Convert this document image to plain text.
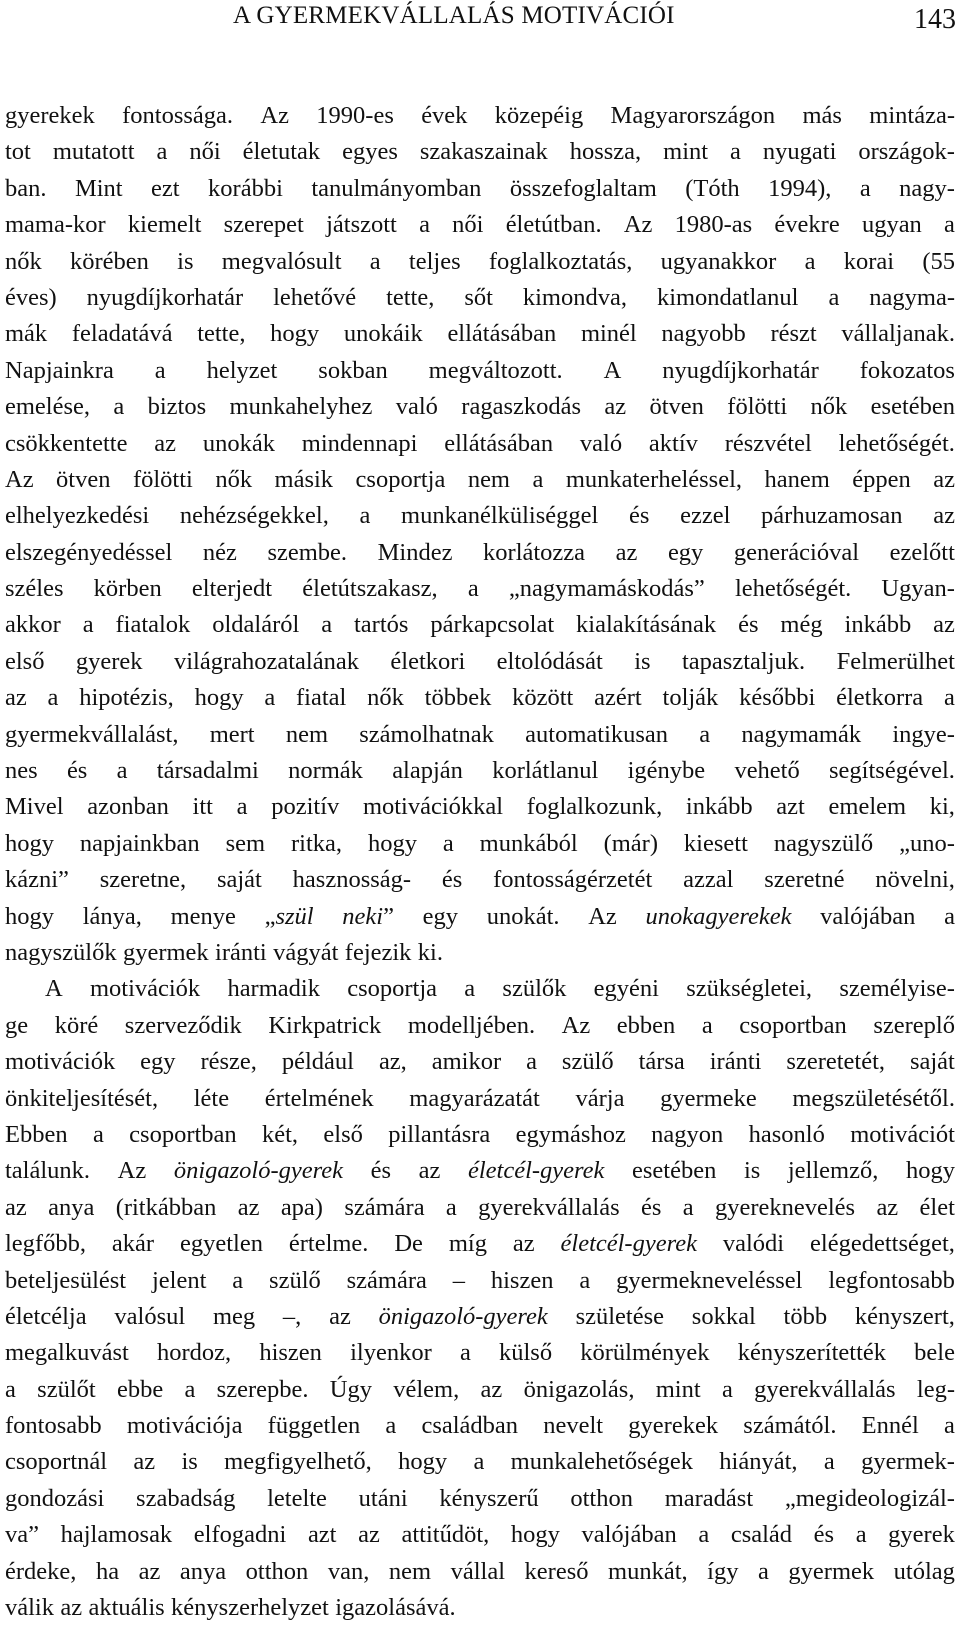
A GYERMEKVÁLLALÁS MOTIVÁCIÓI	143
gyerekek fontossága. Az 1990-es évek közepéig Magyarországon más mintáza-
tot mutatott a női életutak egyes szakaszainak hossza, mint a nyugati országok-
ban. Mint ezt korábbi tanulmányomban összefoglaltam (Tóth 1994), a nagy-
mama-kor kiemelt szerepet játszott a női életútban. Az 1980-as évekre ugyan a
nők körében is megvalósult a teljes foglalkoztatás, ugyanakkor a korai (55
éves) nyugdíjkorhatár lehetővé tette, sőt kimondva, kimondatlanul a nagyma-
mák feladatává tette, hogy unokáik ellátásában minél nagyobb részt vállaljanak.
Napjainkra a helyzet sokban megváltozott. A nyugdíjkorhatár fokozatos
emelése, a biztos munkahelyhez való ragaszkodás az ötven fölötti nők esetében
csökkentette az unokák mindennapi ellátásában való aktív részvétel lehetőségét.
Az ötven fölötti nők másik csoportja nem a munkaterheléssel, hanem éppen az
elhelyezkedési nehézségekkel, a munkanélküliséggel és ezzel párhuzamosan az
elszegényedéssel néz szembe. Mindez korlátozza az egy generációval ezelőtt
széles körben elterjedt életútszakasz, a „nagymamáskodás” lehetőségét. Ugyan-
akkor a fiatalok oldaláról a tartós párkapcsolat kialakításának és még inkább az
első gyerek világrahozatalának életkori eltolódását is tapasztaljuk. Felmerülhet
az a hipotézis, hogy a fiatal nők többek között azért tolják későbbi életkorra a
gyermekvállalást, mert nem számolhatnak automatikusan a nagymamák ingye-
nes és a társadalmi normák alapján korlátlanul igénybe vehető segítségével.
Mivel azonban itt a pozitív motivációkkal foglalkozunk, inkább azt emelem ki,
hogy napjainkban sem ritka, hogy a munkából (már) kiesett nagyszülő „uno-
kázni” szeretne, saját hasznosság- és fontosságérzetét azzal szeretné növelni,
hogy lánya, menye „szül neki” egy unokát. Az unokagyerekek valójában a
nagyszülők gyermek iránti vágyát fejezik ki.
A motivációk harmadik csoportja a szülők egyéni szükségletei, személyise-
ge köré szerveződik Kirkpatrick modelljében. Az ebben a csoportban szereplő
motivációk egy része, például az, amikor a szülő társa iránti szeretetét, saját
önkiteljesítését, léte értelmének magyarázatát várja gyermeke megszületésétől.
Ebben a csoportban két, első pillantásra egymáshoz nagyon hasonló motivációt
találunk. Az önigazoló-gyerek és az életcél-gyerek esetében is jellemző, hogy
az anya (ritkábban az apa) számára a gyerekvállalás és a gyereknevelés az élet
legfőbb, akár egyetlen értelme. De míg az életcél-gyerek valódi elégedettséget,
beteljesülést jelent a szülő számára – hiszen a gyermekneveléssel legfontosabb
életcélja valósul meg –, az önigazoló-gyerek születése sokkal több kényszert,
megalkuvást hordoz, hiszen ilyenkor a külső körülmények kényszerítették bele
a szülőt ebbe a szerepbe. Úgy vélem, az önigazolás, mint a gyerekvállalás leg-
fontosabb motivációja független a családban nevelt gyerekek számától. Ennél a
csoportnál az is megfigyelhető, hogy a munkalehetőségek hiányát, a gyermek-
gondozási szabadság letelte utáni kényszerű otthon maradást „megideologizál-
va” hajlamosak elfogadni azt az attitűdöt, hogy valójában a család és a gyerek
érdeke, ha az anya otthon van, nem vállal kereső munkát, így a gyermek utólag
válik az aktuális kényszerhelyzet igazolásává.
